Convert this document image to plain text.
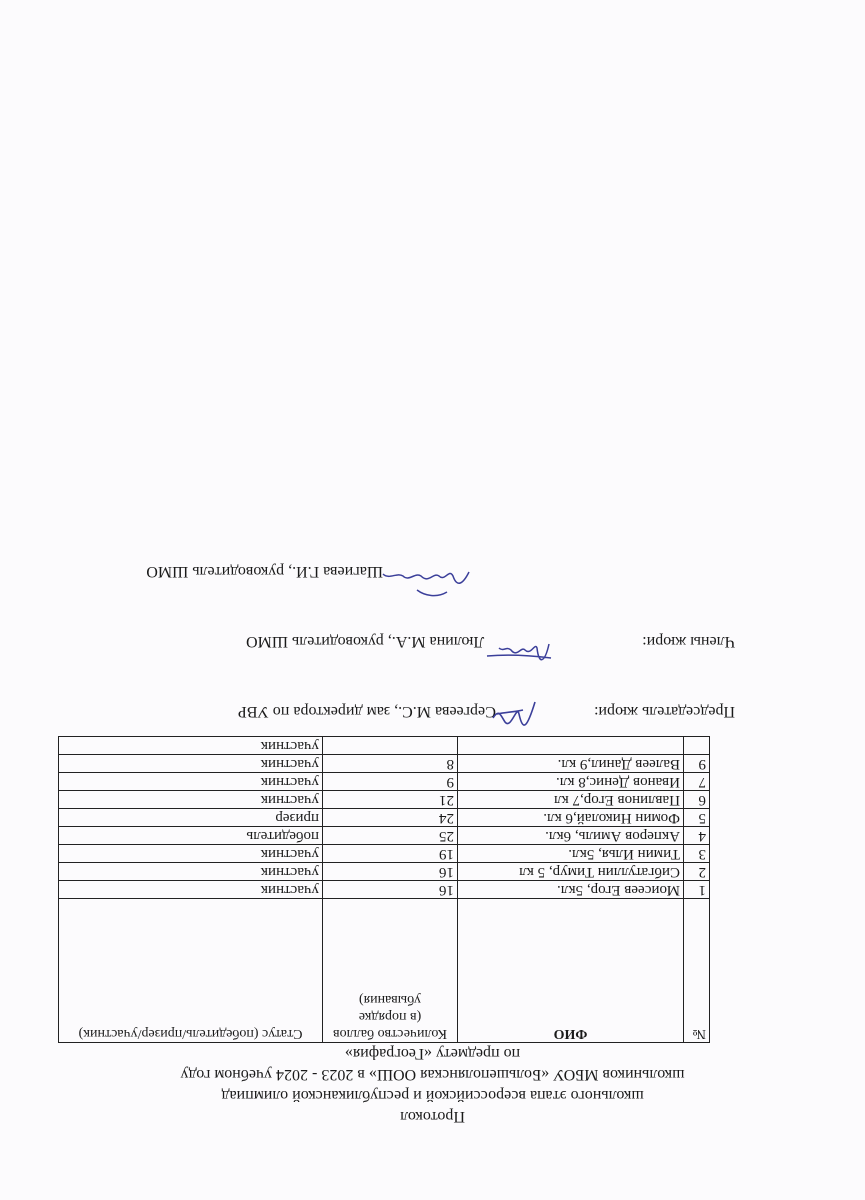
Протокол
школьного этапа всероссийской и республиканской олимпиад
школьников МБОУ «Большеполянская ООШ» в 2023 - 2024 учебном году
по предмету «География»
№	ФИО	Количество баллов (в порядке убывания)	Статус (победитель/призер/участник)
1	Моисеев Егор, 5кл.	16	участник
2	Сибгатуллин Тимур, 5 кл	16	участник
3	Тимин Илья, 5кл.	19	участник
4	Акперов Амиль, 6кл.	25	победитель
5	Фомин Николай,6 кл.	24	призер
6	Павлинов Егор,7 кл	21	участник
7	Иванов Денис,8 кл.	9	участник
9	Валеев Данил,9 кл.	8	участник
			участник
Председатель жюри:  Сергеева М.С., зам директора по УВР
Члены жюри:  Люлина М.А., руководитель ШМО
Шагиева Г.И., руководитель ШМО
